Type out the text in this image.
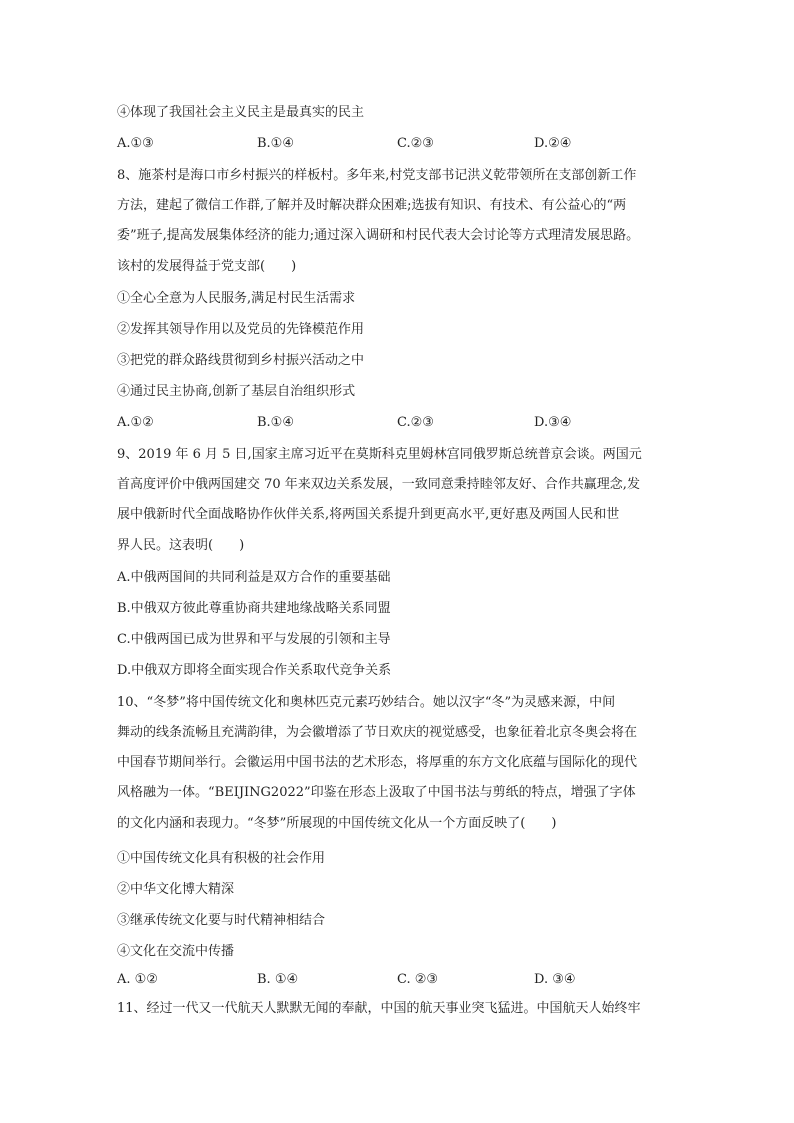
④体现了我国社会主义民主是最真实的民主
A.①③	B.①④	C.②③	D.②④
8、施茶村是海口市乡村振兴的样板村。多年来,村党支部书记洪义乾带领所在支部创新工作
方法，建起了微信工作群,了解并及时解决群众困难;选拔有知识、有技术、有公益心的“两
委”班子,提高发展集体经济的能力;通过深入调研和村民代表大会讨论等方式理清发展思路。
该村的发展得益于党支部(　　)
①全心全意为人民服务,满足村民生活需求
②发挥其领导作用以及党员的先锋模范作用
③把党的群众路线贯彻到乡村振兴活动之中
④通过民主协商,创新了基层自治组织形式
A.①②	B.①④	C.②③	D.③④
9、2019 年 6 月 5 日,国家主席习近平在莫斯科克里姆林宫同俄罗斯总统普京会谈。两国元
首高度评价中俄两国建交 70 年来双边关系发展，一致同意秉持睦邻友好、合作共赢理念,发
展中俄新时代全面战略协作伙伴关系,将两国关系提升到更高水平,更好惠及两国人民和世
界人民。这表明(　　)
A.中俄两国间的共同利益是双方合作的重要基础
B.中俄双方彼此尊重协商共建地缘战略关系同盟
C.中俄两国已成为世界和平与发展的引领和主导
D.中俄双方即将全面实现合作关系取代竞争关系
10、“冬梦”将中国传统文化和奥林匹克元素巧妙结合。她以汉字“冬”为灵感来源，中间
舞动的线条流畅且充满韵律，为会徽增添了节日欢庆的视觉感受，也象征着北京冬奥会将在
中国春节期间举行。会徽运用中国书法的艺术形态，将厚重的东方文化底蕴与国际化的现代
风格融为一体。“BEIJING2022”印鉴在形态上汲取了中国书法与剪纸的特点，增强了字体
的文化内涵和表现力。“冬梦”所展现的中国传统文化从一个方面反映了(　　)
①中国传统文化具有积极的社会作用
②中华文化博大精深
③继承传统文化要与时代精神相结合
④文化在交流中传播
A. ①②	B. ①④	C. ②③	D. ③④
11、经过一代又一代航天人默默无闻的奉献，中国的航天事业突飞猛进。中国航天人始终牢
